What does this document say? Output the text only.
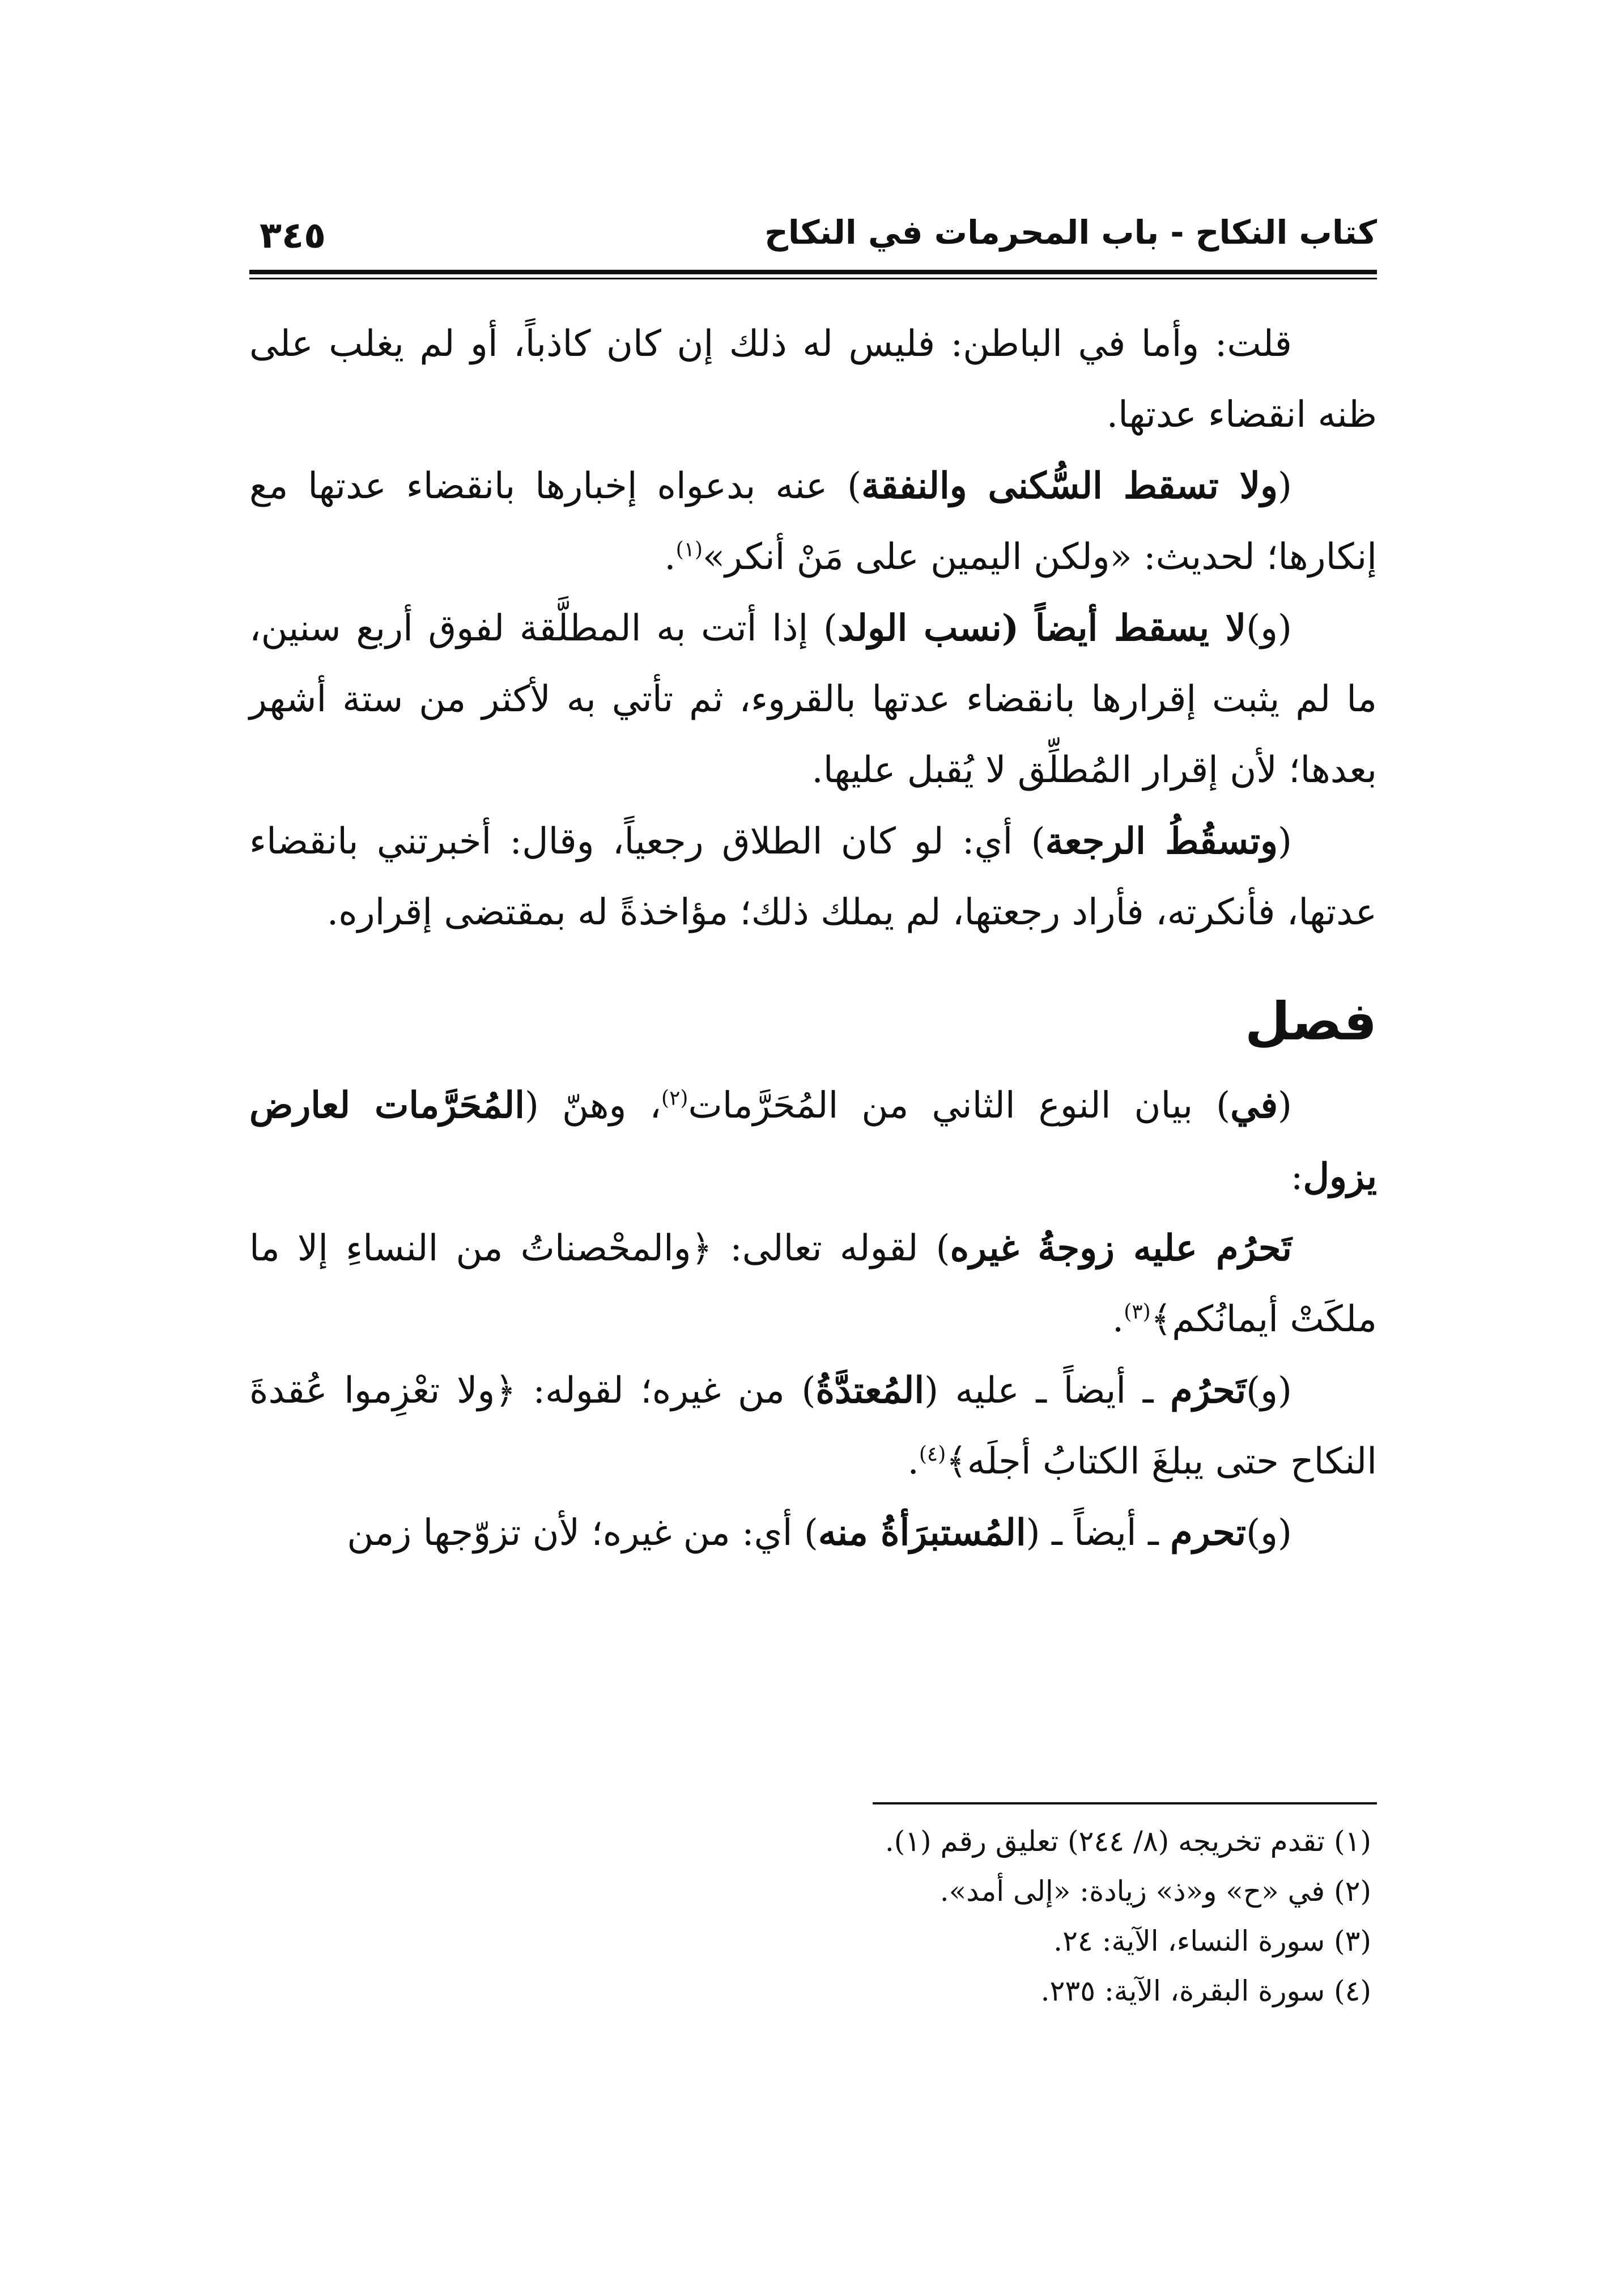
كتاب النكاح - باب المحرمات في النكاح
٣٤٥

قلت: وأما في الباطن: فليس له ذلك إن كان كاذباً، أو لم يغلب على ظنه انقضاء عدتها.

(ولا تسقط السُّكنى والنفقة) عنه بدعواه إخبارها بانقضاء عدتها مع إنكارها؛ لحديث: «ولكن اليمين على مَنْ أنكر»$^{(١)}$.

(و)لا يسقط أيضاً (نسب الولد) إذا أتت به المطلَّقة لفوق أربع سنين، ما لم يثبت إقرارها بانقضاء عدتها بالقروء، ثم تأتي به لأكثر من ستة أشهر بعدها؛ لأن إقرار المُطلِّق لا يُقبل عليها.

(وتسقُطُ الرجعة) أي: لو كان الطلاق رجعياً، وقال: أخبرتني بانقضاء عدتها، فأنكرته، فأراد رجعتها، لم يملك ذلك؛ مؤاخذةً له بمقتضى إقراره.

فصل

(في) بيان النوع الثاني من المُحَرَّمات$^{(٢)}$، وهنّ (المُحَرَّمات لعارض يزول:

تَحرُم عليه زوجةُ غيره) لقوله تعالى: ﴿والمحْصناتُ من النساءِ إلا ما ملكَتْ أيمانُكم﴾$^{(٣)}$.

(و)تَحرُم ـ أيضاً ـ عليه (المُعتدَّةُ) من غيره؛ لقوله: ﴿ولا تعْزِموا عُقدةَ النكاح حتى يبلغَ الكتابُ أجلَه﴾$^{(٤)}$.

(و)تحرم ـ أيضاً ـ (المُستبرَأةُ منه) أي: من غيره؛ لأن تزوّجها زمن

(١) تقدم تخريجه (٨/ ٢٤٤) تعليق رقم (١).
(٢) في «ح» و«ذ» زيادة: «إلى أمد».
(٣) سورة النساء، الآية: ٢٤.
(٤) سورة البقرة، الآية: ٢٣٥.
